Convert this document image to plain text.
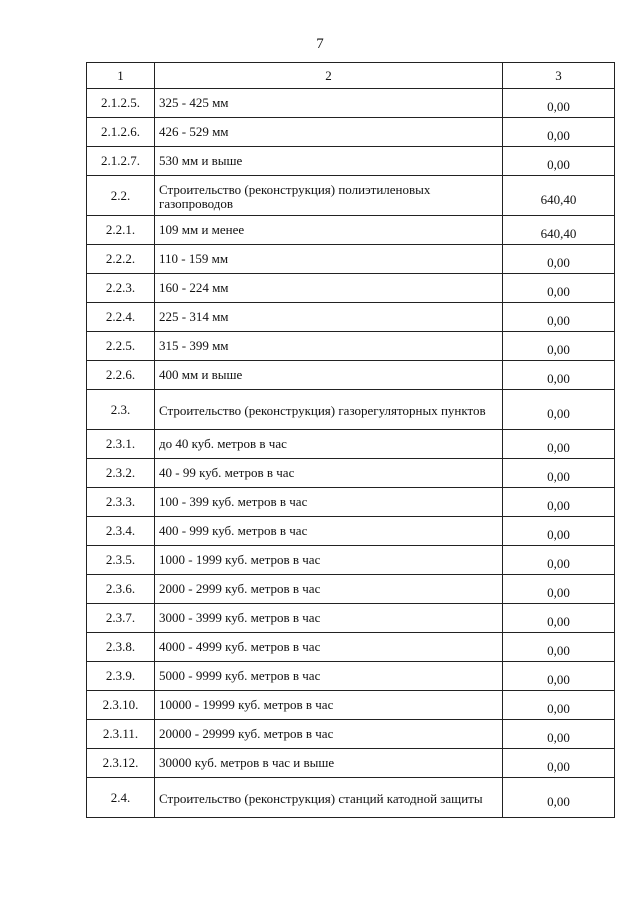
7
1	2	3
2.1.2.5.	325 - 425 мм	0,00
2.1.2.6.	426 - 529 мм	0,00
2.1.2.7.	530 мм и выше	0,00
2.2.	Строительство (реконструкция) полиэтиленовых газопроводов	640,40
2.2.1.	109 мм и менее	640,40
2.2.2.	110 - 159 мм	0,00
2.2.3.	160 - 224 мм	0,00
2.2.4.	225 - 314 мм	0,00
2.2.5.	315 - 399 мм	0,00
2.2.6.	400 мм и выше	0,00
2.3.	Строительство (реконструкция) газорегуляторных пунктов	0,00
2.3.1.	до 40 куб. метров в час	0,00
2.3.2.	40 - 99 куб. метров в час	0,00
2.3.3.	100 - 399 куб. метров в час	0,00
2.3.4.	400 - 999 куб. метров в час	0,00
2.3.5.	1000 - 1999 куб. метров в час	0,00
2.3.6.	2000 - 2999 куб. метров в час	0,00
2.3.7.	3000 - 3999 куб. метров в час	0,00
2.3.8.	4000 - 4999 куб. метров в час	0,00
2.3.9.	5000 - 9999 куб. метров в час	0,00
2.3.10.	10000 - 19999 куб. метров в час	0,00
2.3.11.	20000 - 29999 куб. метров в час	0,00
2.3.12.	30000 куб. метров в час и выше	0,00
2.4.	Строительство (реконструкция) станций катодной защиты	0,00
